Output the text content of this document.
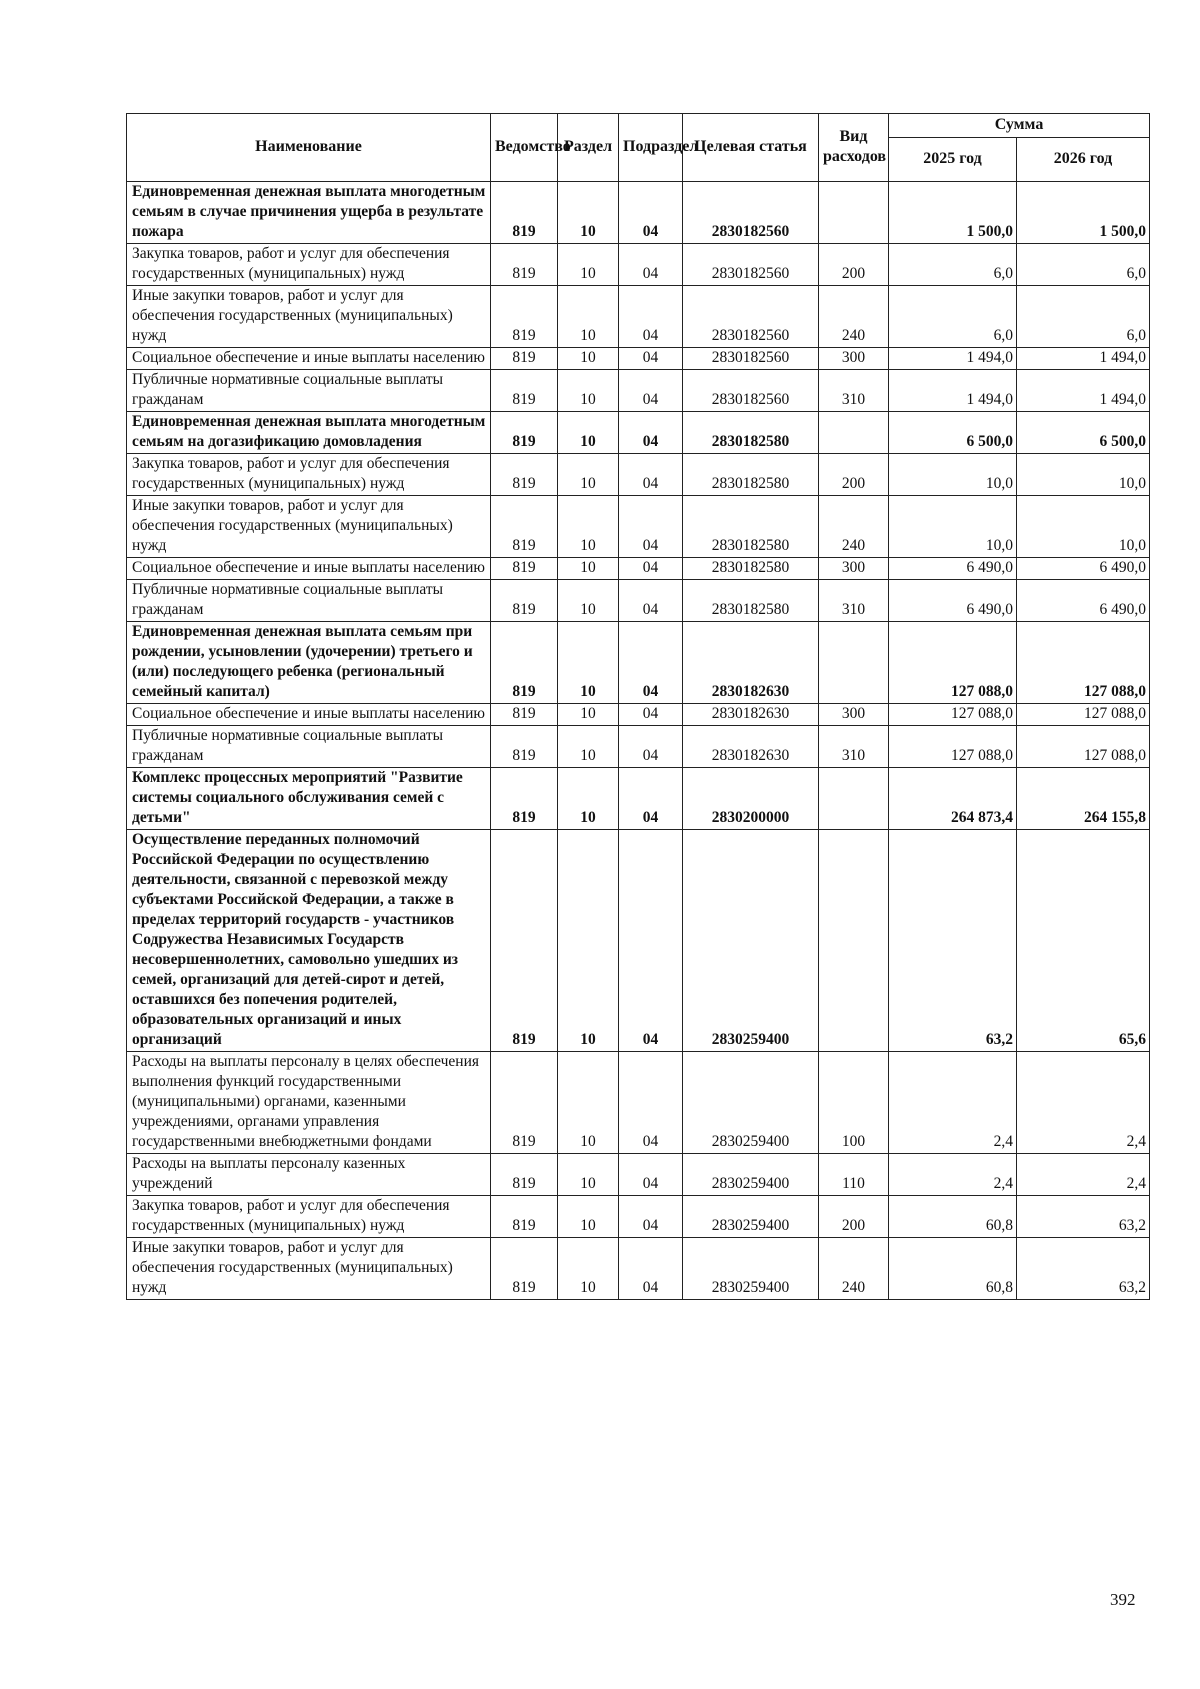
Наименование	Ведомство	Раздел	Подраздел	Целевая статья	Вид расходов	Сумма	
						2025 год	2026 год
Единовременная денежная выплата многодетным семьям в случае причинения ущерба в результате пожара	819	10	04	2830182560		1 500,0	1 500,0
Закупка товаров, работ и услуг для обеспечения государственных (муниципальных) нужд	819	10	04	2830182560	200	6,0	6,0
Иные закупки товаров, работ и услуг для обеспечения государственных (муниципальных) нужд	819	10	04	2830182560	240	6,0	6,0
Социальное обеспечение и иные выплаты населению	819	10	04	2830182560	300	1 494,0	1 494,0
Публичные нормативные социальные выплаты гражданам	819	10	04	2830182560	310	1 494,0	1 494,0
Единовременная денежная выплата многодетным семьям на догазификацию домовладения	819	10	04	2830182580		6 500,0	6 500,0
Закупка товаров, работ и услуг для обеспечения государственных (муниципальных) нужд	819	10	04	2830182580	200	10,0	10,0
Иные закупки товаров, работ и услуг для обеспечения государственных (муниципальных) нужд	819	10	04	2830182580	240	10,0	10,0
Социальное обеспечение и иные выплаты населению	819	10	04	2830182580	300	6 490,0	6 490,0
Публичные нормативные социальные выплаты гражданам	819	10	04	2830182580	310	6 490,0	6 490,0
Единовременная денежная выплата семьям при рождении, усыновлении (удочерении) третьего и (или) последующего ребенка (региональный семейный капитал)	819	10	04	2830182630		127 088,0	127 088,0
Социальное обеспечение и иные выплаты населению	819	10	04	2830182630	300	127 088,0	127 088,0
Публичные нормативные социальные выплаты гражданам	819	10	04	2830182630	310	127 088,0	127 088,0
Комплекс процессных мероприятий "Развитие системы социального обслуживания семей с детьми"	819	10	04	2830200000		264 873,4	264 155,8
Осуществление переданных полномочий Российской Федерации по осуществлению деятельности, связанной с перевозкой между субъектами Российской Федерации, а также в пределах территорий государств - участников Содружества Независимых Государств несовершеннолетних, самовольно ушедших из семей, организаций для детей-сирот и детей, оставшихся без попечения родителей, образовательных организаций и иных организаций	819	10	04	2830259400		63,2	65,6
Расходы на выплаты персоналу в целях обеспечения выполнения функций государственными (муниципальными) органами, казенными учреждениями, органами управления государственными внебюджетными фондами	819	10	04	2830259400	100	2,4	2,4
Расходы на выплаты персоналу казенных учреждений	819	10	04	2830259400	110	2,4	2,4
Закупка товаров, работ и услуг для обеспечения государственных (муниципальных) нужд	819	10	04	2830259400	200	60,8	63,2
Иные закупки товаров, работ и услуг для обеспечения государственных (муниципальных) нужд	819	10	04	2830259400	240	60,8	63,2
392
